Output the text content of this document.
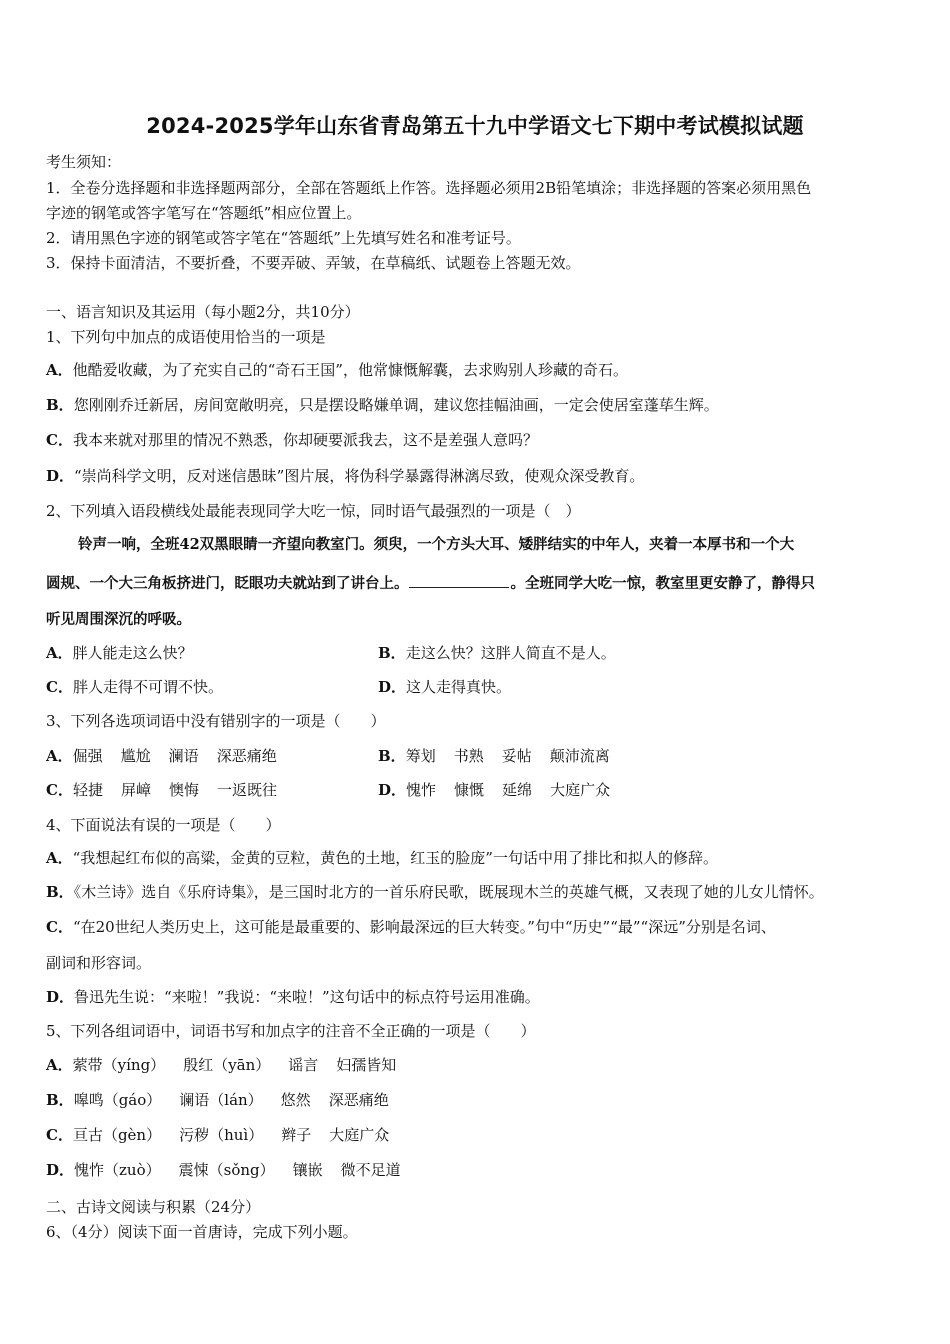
2024-2025学年山东省青岛第五十九中学语文七下期中考试模拟试题
考生须知：
1．全卷分选择题和非选择题两部分，全部在答题纸上作答。选择题必须用2B铅笔填涂；非选择题的答案必须用黑色
字迹的钢笔或答字笔写在“答题纸”相应位置上。
2．请用黑色字迹的钢笔或答字笔在“答题纸”上先填写姓名和准考证号。
3．保持卡面清洁，不要折叠，不要弄破、弄皱，在草稿纸、试题卷上答题无效。
一、语言知识及其运用（每小题2分，共10分）
1、下列句中加点的成语使用恰当的一项是
A．他酷爱收藏，为了充实自己的“奇石王国”，他常慷慨解囊，去求购别人珍藏的奇石。
B．您刚刚乔迁新居，房间宽敞明亮，只是摆设略嫌单调，建议您挂幅油画，一定会使居室蓬荜生辉。
C．我本来就对那里的情况不熟悉，你却硬要派我去，这不是差强人意吗？
D．“崇尚科学文明，反对迷信愚昧”图片展，将伪科学暴露得淋漓尽致，使观众深受教育。
2、下列填入语段横线处最能表现同学大吃一惊，同时语气最强烈的一项是（　）
铃声一响，全班42双黑眼睛一齐望向教室门。须臾，一个方头大耳、矮胖结实的中年人，夹着一本厚书和一个大
圆规、一个大三角板挤进门，眨眼功夫就站到了讲台上。	。全班同学大吃一惊，教室里更安静了，静得只
听见周围深沉的呼吸。
A．胖人能走这么快？	B．走这么快？这胖人简直不是人。
C．胖人走得不可谓不快。	D．这人走得真快。
3、下列各选项词语中没有错别字的一项是（　　）
A．倔强 尴尬 澜语 深恶痛绝	B．筹划 书熟 妥帖 颠沛流离
C．轻捷 屏嶂 懊悔 一返既往	D．愧怍 慷慨 延绵 大庭广众
4、下面说法有误的一项是（　　）
A．“我想起红布似的高粱，金黄的豆粒，黄色的土地，红玉的脸庞”一句话中用了排比和拟人的修辞。
B．《木兰诗》选自《乐府诗集》，是三国时北方的一首乐府民歌，既展现木兰的英雄气概，又表现了她的儿女儿情怀。
C．“在20世纪人类历史上，这可能是最重要的、影响最深远的巨大转变。”句中“历史”“最”“深远”分别是名词、
副词和形容词。
D．鲁迅先生说：“来啦！”我说：“来啦！”这句话中的标点符号运用准确。
5、下列各组词语中，词语书写和加点字的注音不全正确的一项是（　　）
A．萦带（yíng） 殷红（yān） 谣言 妇孺皆知
B．嗥鸣（gáo） 谰语（lán） 悠然 深恶痛绝
C．亘古（gèn） 污秽（huì） 辫子 大庭广众
D．愧怍（zuò） 震悚（sǒng） 镶嵌 微不足道
二、古诗文阅读与积累（24分）
6、（4分）阅读下面一首唐诗，完成下列小题。
